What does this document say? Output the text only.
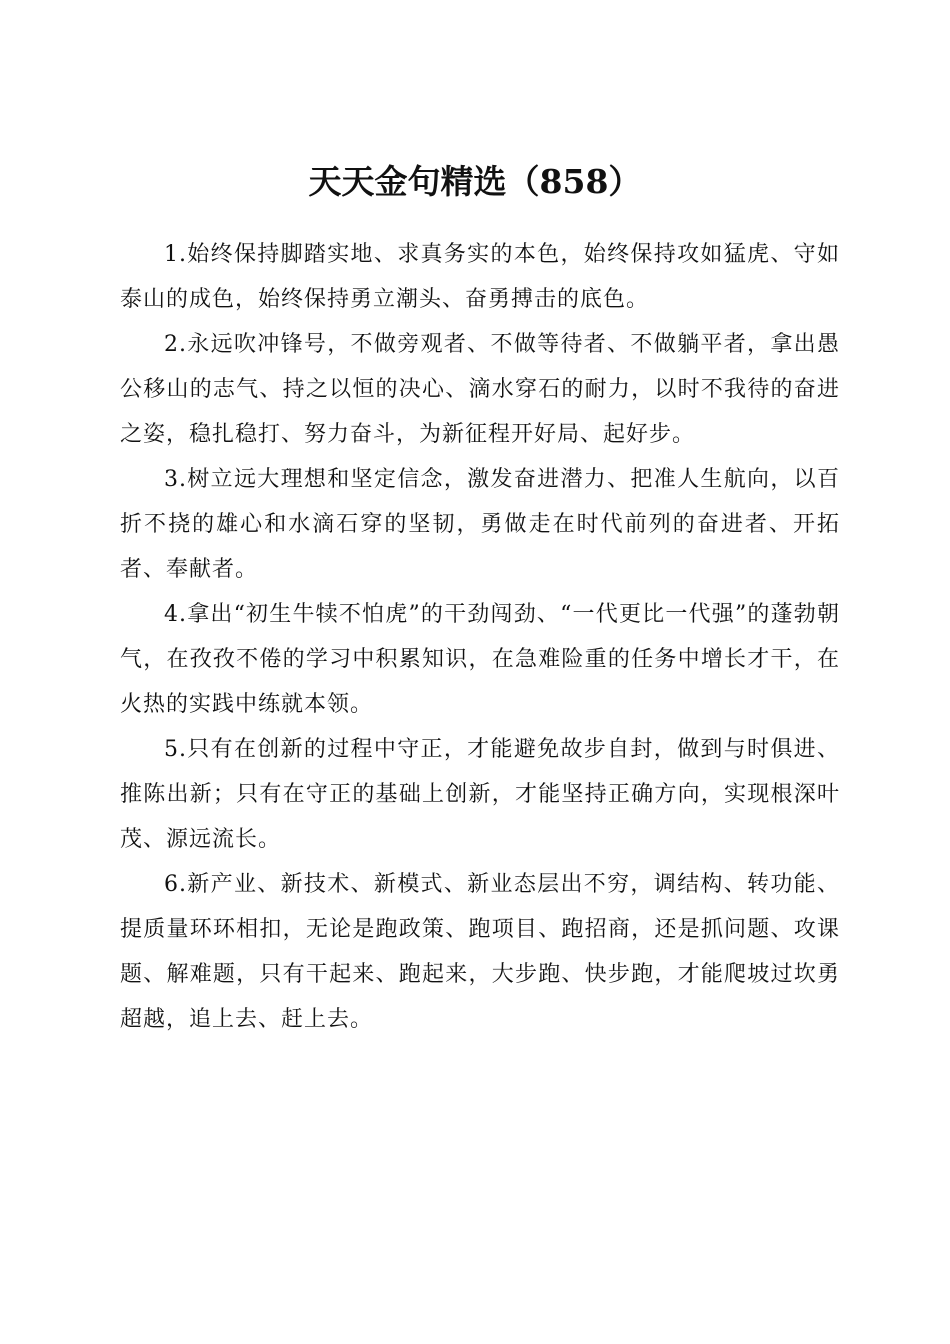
天天金句精选（858）

1.始终保持脚踏实地、求真务实的本色，始终保持攻如猛虎、守如泰山的成色，始终保持勇立潮头、奋勇搏击的底色。

2.永远吹冲锋号，不做旁观者、不做等待者、不做躺平者，拿出愚公移山的志气、持之以恒的决心、滴水穿石的耐力，以时不我待的奋进之姿，稳扎稳打、努力奋斗，为新征程开好局、起好步。

3.树立远大理想和坚定信念，激发奋进潜力、把准人生航向，以百折不挠的雄心和水滴石穿的坚韧，勇做走在时代前列的奋进者、开拓者、奉献者。

4.拿出“初生牛犊不怕虎”的干劲闯劲、“一代更比一代强”的蓬勃朝气，在孜孜不倦的学习中积累知识，在急难险重的任务中增长才干，在火热的实践中练就本领。

5.只有在创新的过程中守正，才能避免故步自封，做到与时俱进、推陈出新；只有在守正的基础上创新，才能坚持正确方向，实现根深叶茂、源远流长。

6.新产业、新技术、新模式、新业态层出不穷，调结构、转功能、提质量环环相扣，无论是跑政策、跑项目、跑招商，还是抓问题、攻课题、解难题，只有干起来、跑起来，大步跑、快步跑，才能爬坡过坎勇超越，追上去、赶上去。
